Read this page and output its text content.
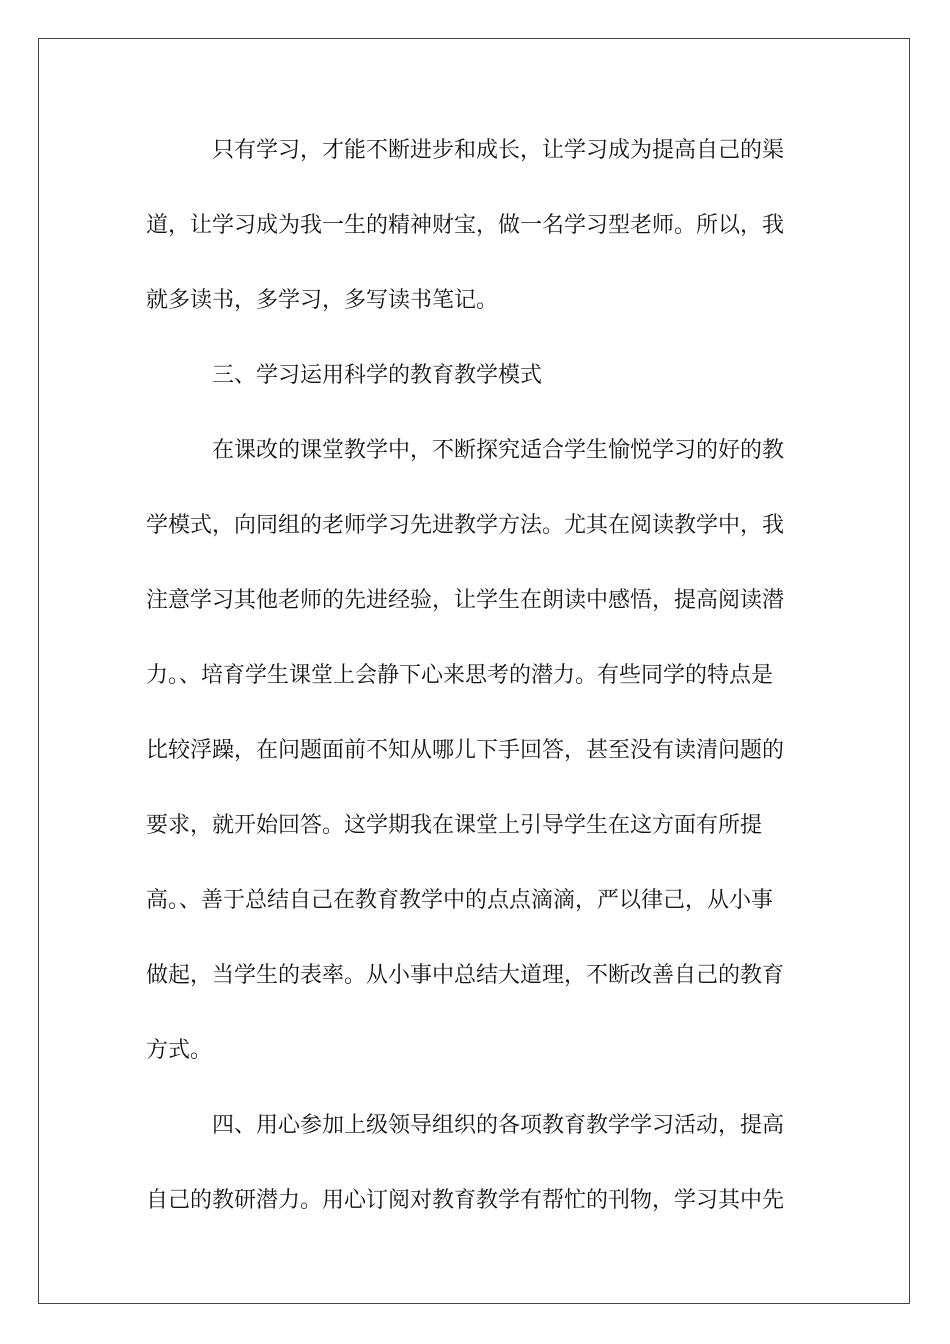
只有学习，才能不断进步和成长，让学习成为提高自己的渠
道，让学习成为我一生的精神财宝，做一名学习型老师。所以，我
就多读书，多学习，多写读书笔记。
三、学习运用科学的教育教学模式
在课改的课堂教学中，不断探究适合学生愉悦学习的好的教
学模式，向同组的老师学习先进教学方法。尤其在阅读教学中，我
注意学习其他老师的先进经验，让学生在朗读中感悟，提高阅读潜
力。、培育学生课堂上会静下心来思考的潜力。有些同学的特点是
比较浮躁，在问题面前不知从哪儿下手回答，甚至没有读清问题的
要求，就开始回答。这学期我在课堂上引导学生在这方面有所提
高。、善于总结自己在教育教学中的点点滴滴，严以律己，从小事
做起，当学生的表率。从小事中总结大道理，不断改善自己的教育
方式。
四、用心参加上级领导组织的各项教育教学学习活动，提高
自己的教研潜力。用心订阅对教育教学有帮忙的刊物，学习其中先
